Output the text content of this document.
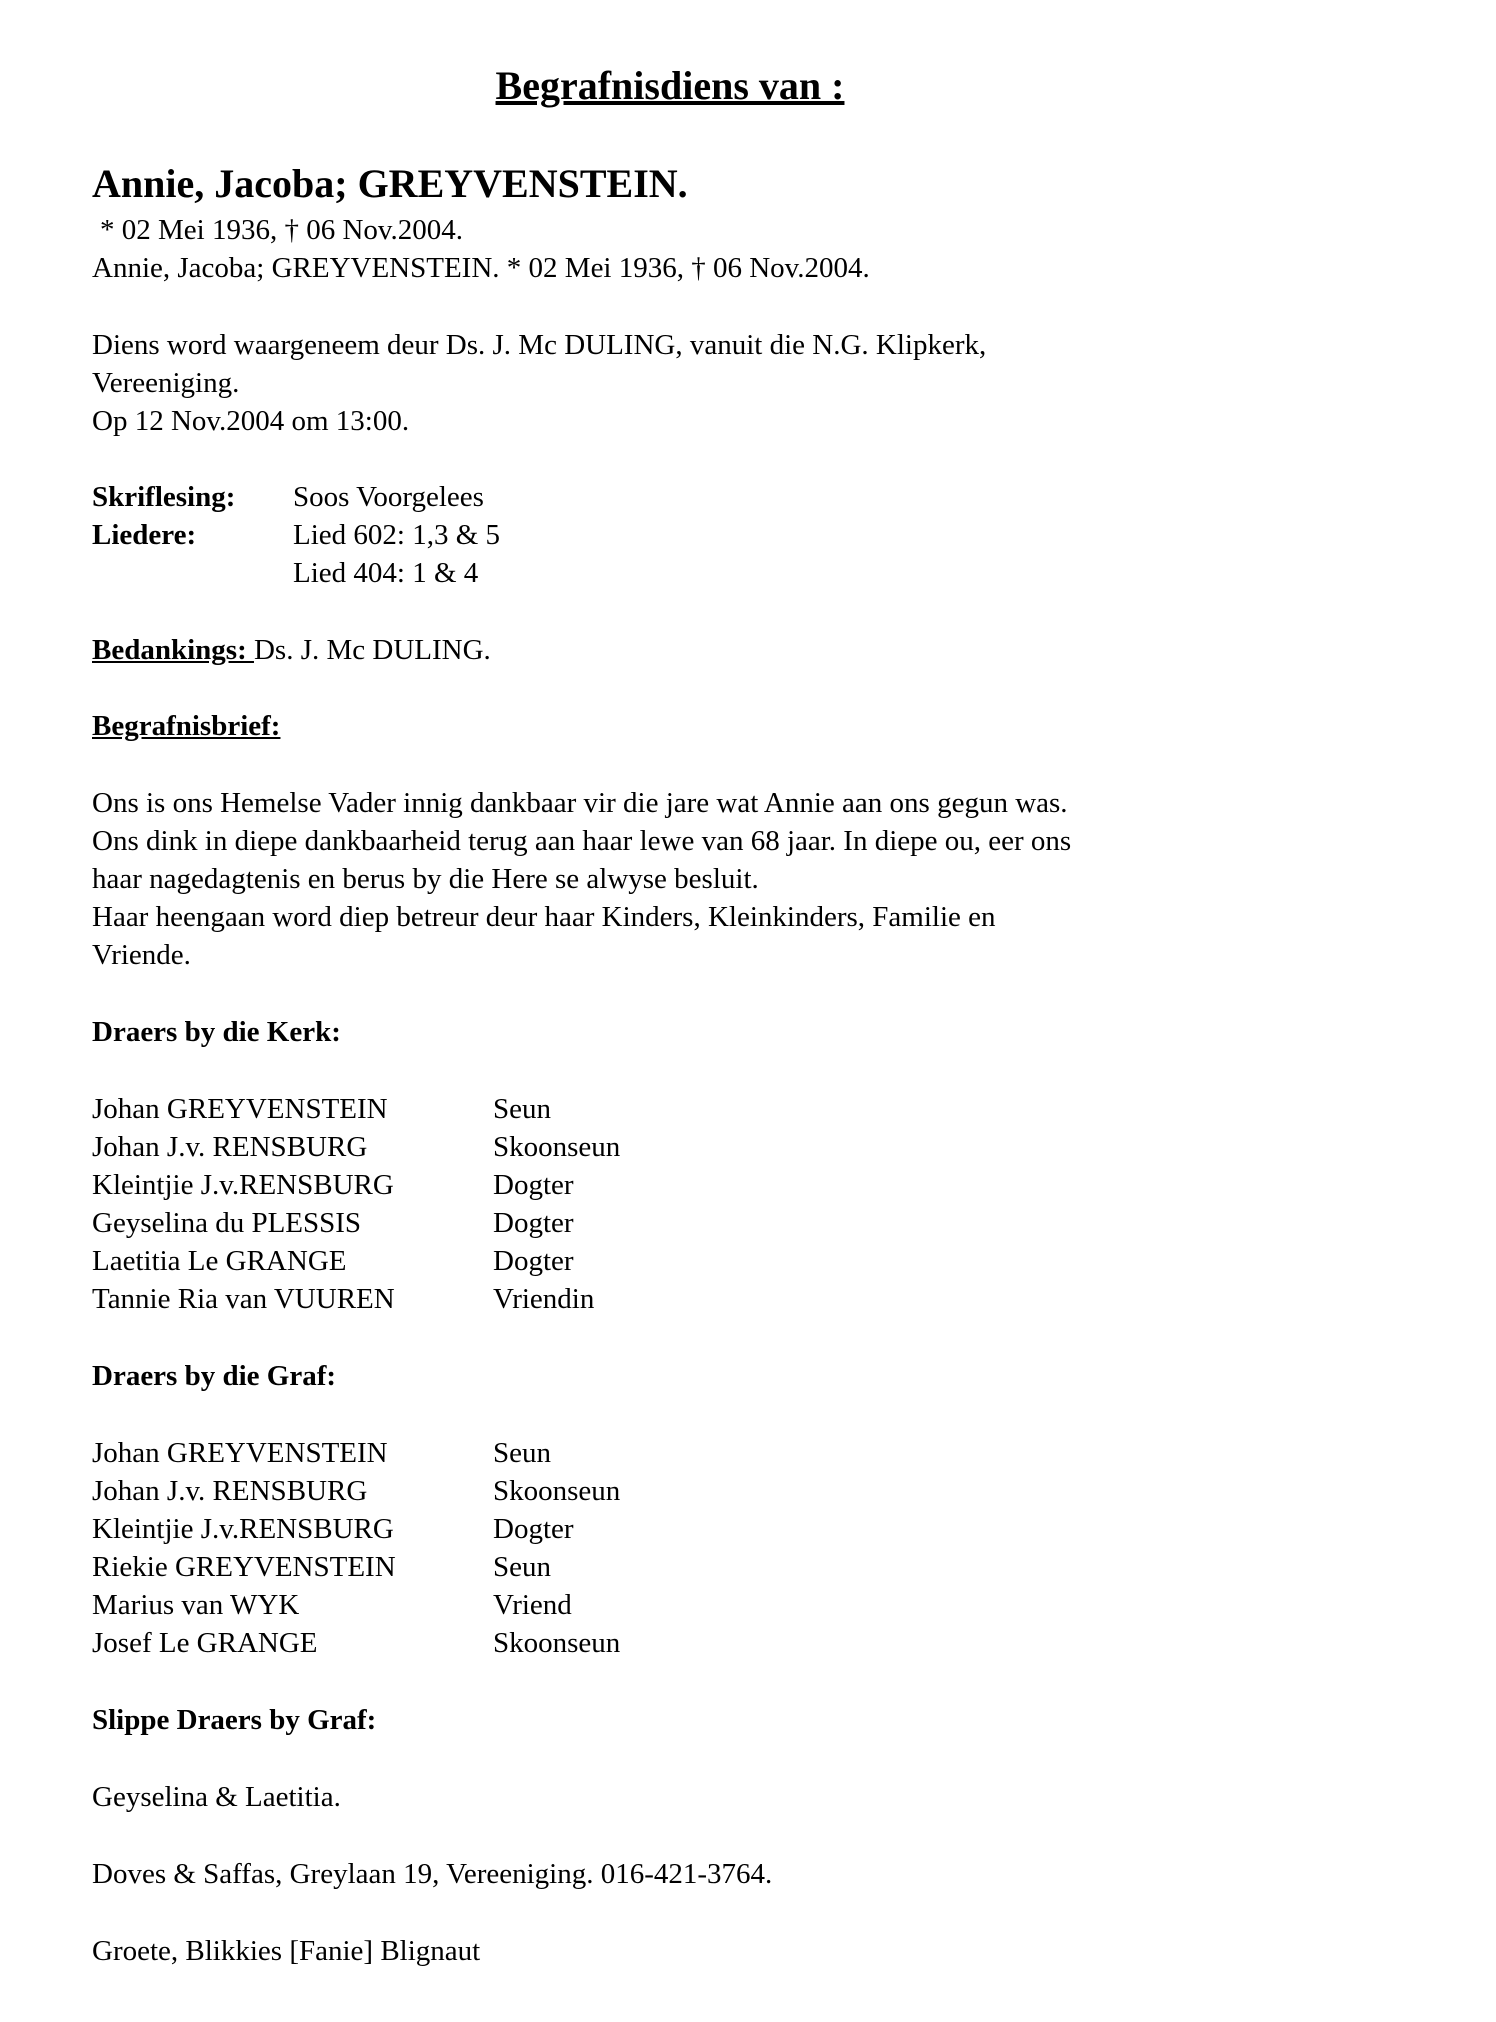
Begrafnisdiens van :
Annie, Jacoba; GREYVENSTEIN.
* 02 Mei 1936, † 06 Nov.2004.
Annie, Jacoba; GREYVENSTEIN. * 02 Mei 1936, † 06 Nov.2004.
Diens word waargeneem deur Ds. J. Mc DULING, vanuit die N.G. Klipkerk,
Vereeniging.
Op 12 Nov.2004 om 13:00.
Skriflesing: Soos Voorgelees
Liedere:	Lied 602: 1,3 & 5
Lied 404: 1 & 4
Bedankings: Ds. J. Mc DULING.
Begrafnisbrief:
Ons is ons Hemelse Vader innig dankbaar vir die jare wat Annie aan ons gegun was.
Ons dink in diepe dankbaarheid terug aan haar lewe van 68 jaar. In diepe ou, eer ons
haar nagedagtenis en berus by die Here se alwyse besluit.
Haar heengaan word diep betreur deur haar Kinders, Kleinkinders, Familie en
Vriende.
Draers by die Kerk:
Johan GREYVENSTEIN	Seun
Johan J.v. RENSBURG	Skoonseun
Kleintjie J.v.RENSBURG	Dogter
Geyselina du PLESSIS	Dogter
Laetitia Le GRANGE	Dogter
Tannie Ria van VUUREN	Vriendin
Draers by die Graf:
Johan GREYVENSTEIN	Seun
Johan J.v. RENSBURG	Skoonseun
Kleintjie J.v.RENSBURG	Dogter
Riekie GREYVENSTEIN	Seun
Marius van WYK	Vriend
Josef Le GRANGE	Skoonseun
Slippe Draers by Graf:
Geyselina & Laetitia.
Doves & Saffas, Greylaan 19, Vereeniging. 016-421-3764.
Groete, Blikkies [Fanie] Blignaut
